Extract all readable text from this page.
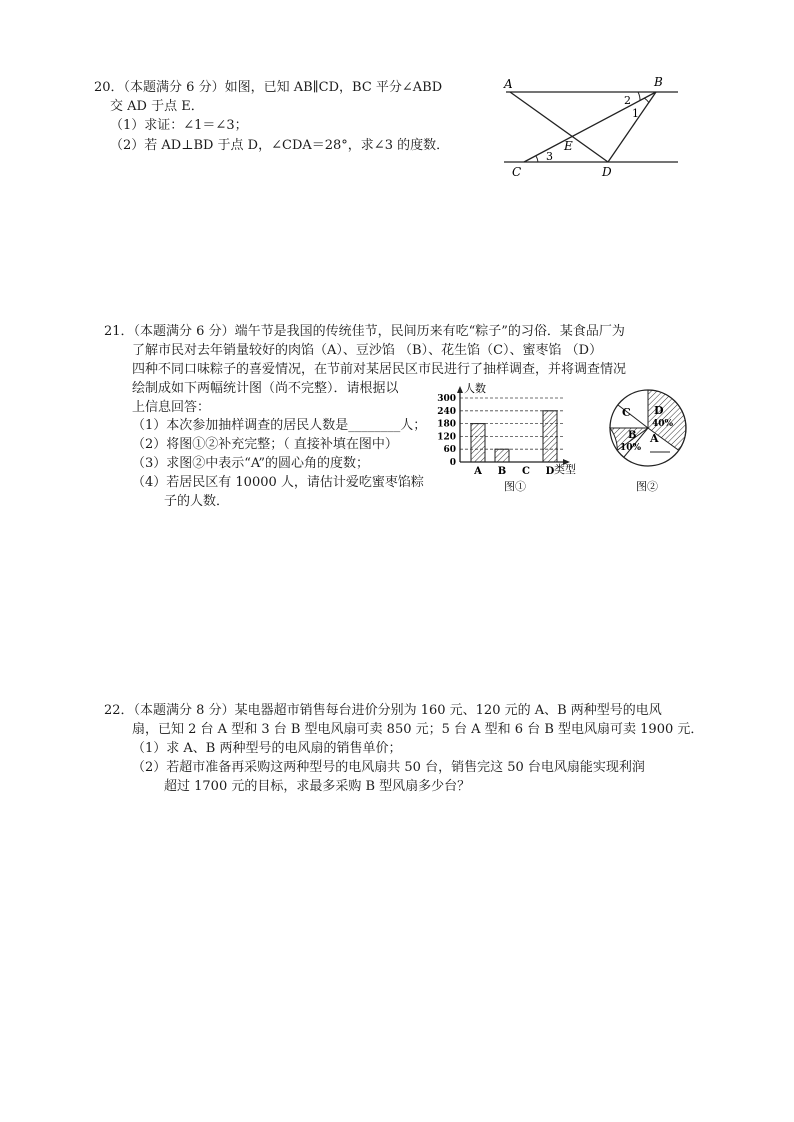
20．（本题满分 6 分）如图，已知 AB∥CD，BC 平分∠ABD
交 AD 于点 E．
（1）求证：∠1＝∠3；
（2）若 AD⊥BD 于点 D，∠CDA＝28°，求∠3 的度数．
A	B
C	D
E
1
2
3
21．（本题满分 6 分）端午节是我国的传统佳节，民间历来有吃“粽子”的习俗．某食品厂为
了解市民对去年销量较好的肉馅（A）、豆沙馅 （B）、花生馅（C）、蜜枣馅 （D）
四种不同口味粽子的喜爱情况，在节前对某居民区市民进行了抽样调查，并将调查情况
绘制成如下两幅统计图（尚不完整）．请根据以
上信息回答：
（1）本次参加抽样调查的居民人数是________人；
（2）将图①②补充完整；（ 直接补填在图中）
（3）求图②中表示“A”的圆心角的度数；
（4）若居民区有 10000 人，请估计爱吃蜜枣馅粽
子的人数．
0
60
120
180
240
300
A B C D
人数
类型
图①
C D
40%
A
B
10%
图②
22．（本题满分 8 分）某电器超市销售每台进价分别为 160 元、120 元的 A、B 两种型号的电风
扇，已知 2 台 A 型和 3 台 B 型电风扇可卖 850 元；5 台 A 型和 6 台 B 型电风扇可卖 1900 元．
（1）求 A、B 两种型号的电风扇的销售单价；
（2）若超市准备再采购这两种型号的电风扇共 50 台，销售完这 50 台电风扇能实现利润
超过 1700 元的目标，求最多采购 B 型风扇多少台？
